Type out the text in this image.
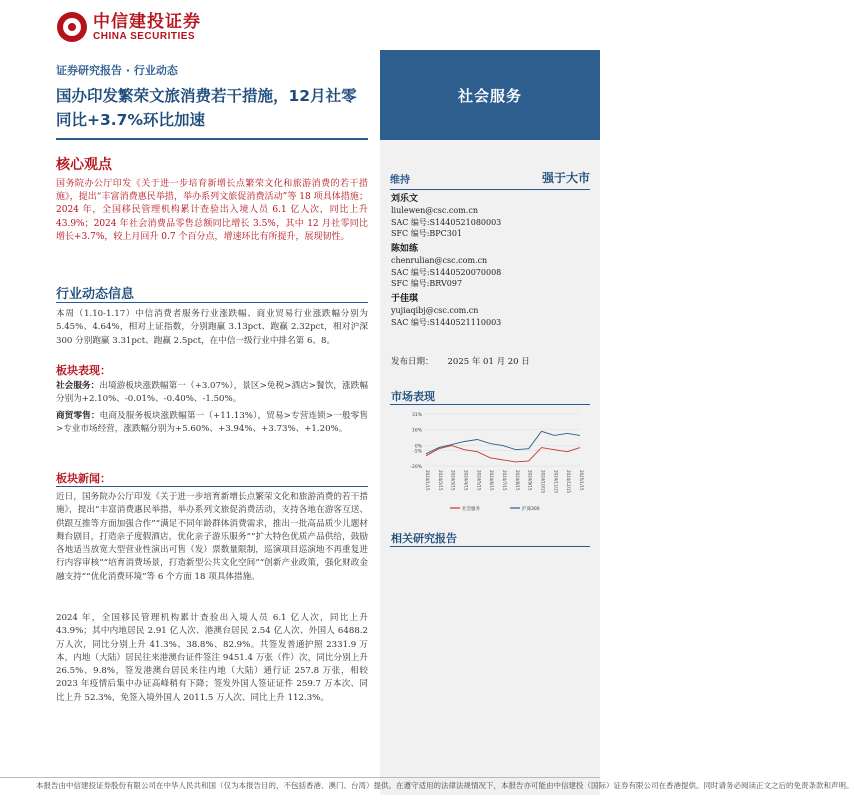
中信建投证券
CHINA SECURITIES
证券研究报告 · 行业动态
国办印发繁荣文旅消费若干措施，12月社零同比+3.7%环比加速
核心观点
国务院办公厅印发《关于进一步培育新增长点繁荣文化和旅游消费的若干措施》，提出“丰富消费惠民举措，举办系列文旅促消费活动”等 18 项具体措施；2024 年，全国移民管理机构累计查验出入境人员 6.1 亿人次，同比上升 43.9%；2024 年社会消费品零售总额同比增长 3.5%，其中 12 月社零同比增长+3.7%，较上月回升 0.7 个百分点，增速环比有所提升，展现韧性。
行业动态信息
本周（1.10-1.17）中信消费者服务行业涨跌幅、商业贸易行业涨跌幅分别为 5.45%、4.64%，相对上证指数，分别跑赢 3.13pct、跑赢 2.32pct，相对沪深 300 分别跑赢 3.31pct、跑赢 2.5pct，在中信一级行业中排名第 6、8。
板块表现：
社会服务：出境游板块涨跌幅第一（+3.07%），景区>免税>酒店>餐饮，涨跌幅分别为+2.10%、-0.01%、-0.40%、-1.50%。
商贸零售：电商及服务板块涨跌幅第一（+11.13%），贸易>专营连锁>一般零售>专业市场经营，涨跌幅分别为+5.60%、+3.94%、+3.73%、+1.20%。
板块新闻：
近日，国务院办公厅印发《关于进一步培育新增长点繁荣文化和旅游消费的若干措施》，提出“丰富消费惠民举措，举办系列文旅促消费活动，支持各地在游客互送、供跟互推等方面加强合作”“满足不同年龄群体消费需求，推出一批高品质少儿题材舞台剧目，打造亲子度假酒店，优化亲子游乐服务”“扩大特色优质产品供给，鼓励各地适当放宽大型营业性演出可售（发）票数量限制，巡演项目巡演地不再重复进行内容审核”“培育消费场景，打造新型公共文化空间”“创新产业政策，强化财政金融支持”“优化消费环境”等 6 个方面 18 项具体措施。
2024 年，全国移民管理机构累计查验出入境人员 6.1 亿人次，同比上升 43.9%；其中内地居民 2.91 亿人次、港澳台居民 2.54 亿人次、外国人 6488.2 万人次，同比分别上升 41.3%、38.8%、82.9%。共签发普通护照 2331.9 万本，内地（大陆）居民往来港澳台证件签注 9451.4 万张（件）次，同比分别上升 26.5%、9.8%，签发港澳台居民来往内地（大陆）通行证 257.8 万张，相较 2023 年疫情后集中办证高峰稍有下降；签发外国人签证证件 259.7 万本次、同比上升 52.3%，免签入境外国人 2011.5 万人次、同比上升 112.3%。
社会服务
维持	强于大市
刘乐文
liulewen@csc.com.cn
SAC 编号:S1440521080003
SFC 编号:BPC301
陈如练
chenrulian@csc.com.cn
SAC 编号:S1440520070008
SFC 编号:BRV097
于佳琪
yujiaqibj@csc.com.cn
SAC 编号:S1440521110003
发布日期： 2025 年 01 月 20 日
市场表现
31%
16%
0%
-5%
-20%
2024/1/15 2024/2/15 2024/3/15 2024/4/15 2024/5/15 2024/6/15 2024/7/15 2024/8/15 2024/9/15 2024/10/15 2024/11/15 2024/12/15 2025/1/15
社会服务	沪深300
相关研究报告
本报告由中信建投证券股份有限公司在中华人民共和国（仅为本报告目的，不包括香港、澳门、台湾）提供。在遵守适用的法律法规情况下，本报告亦可能由中信建投（国际）证券有限公司在香港提供。同时请务必阅读正文之后的免责条款和声明。
